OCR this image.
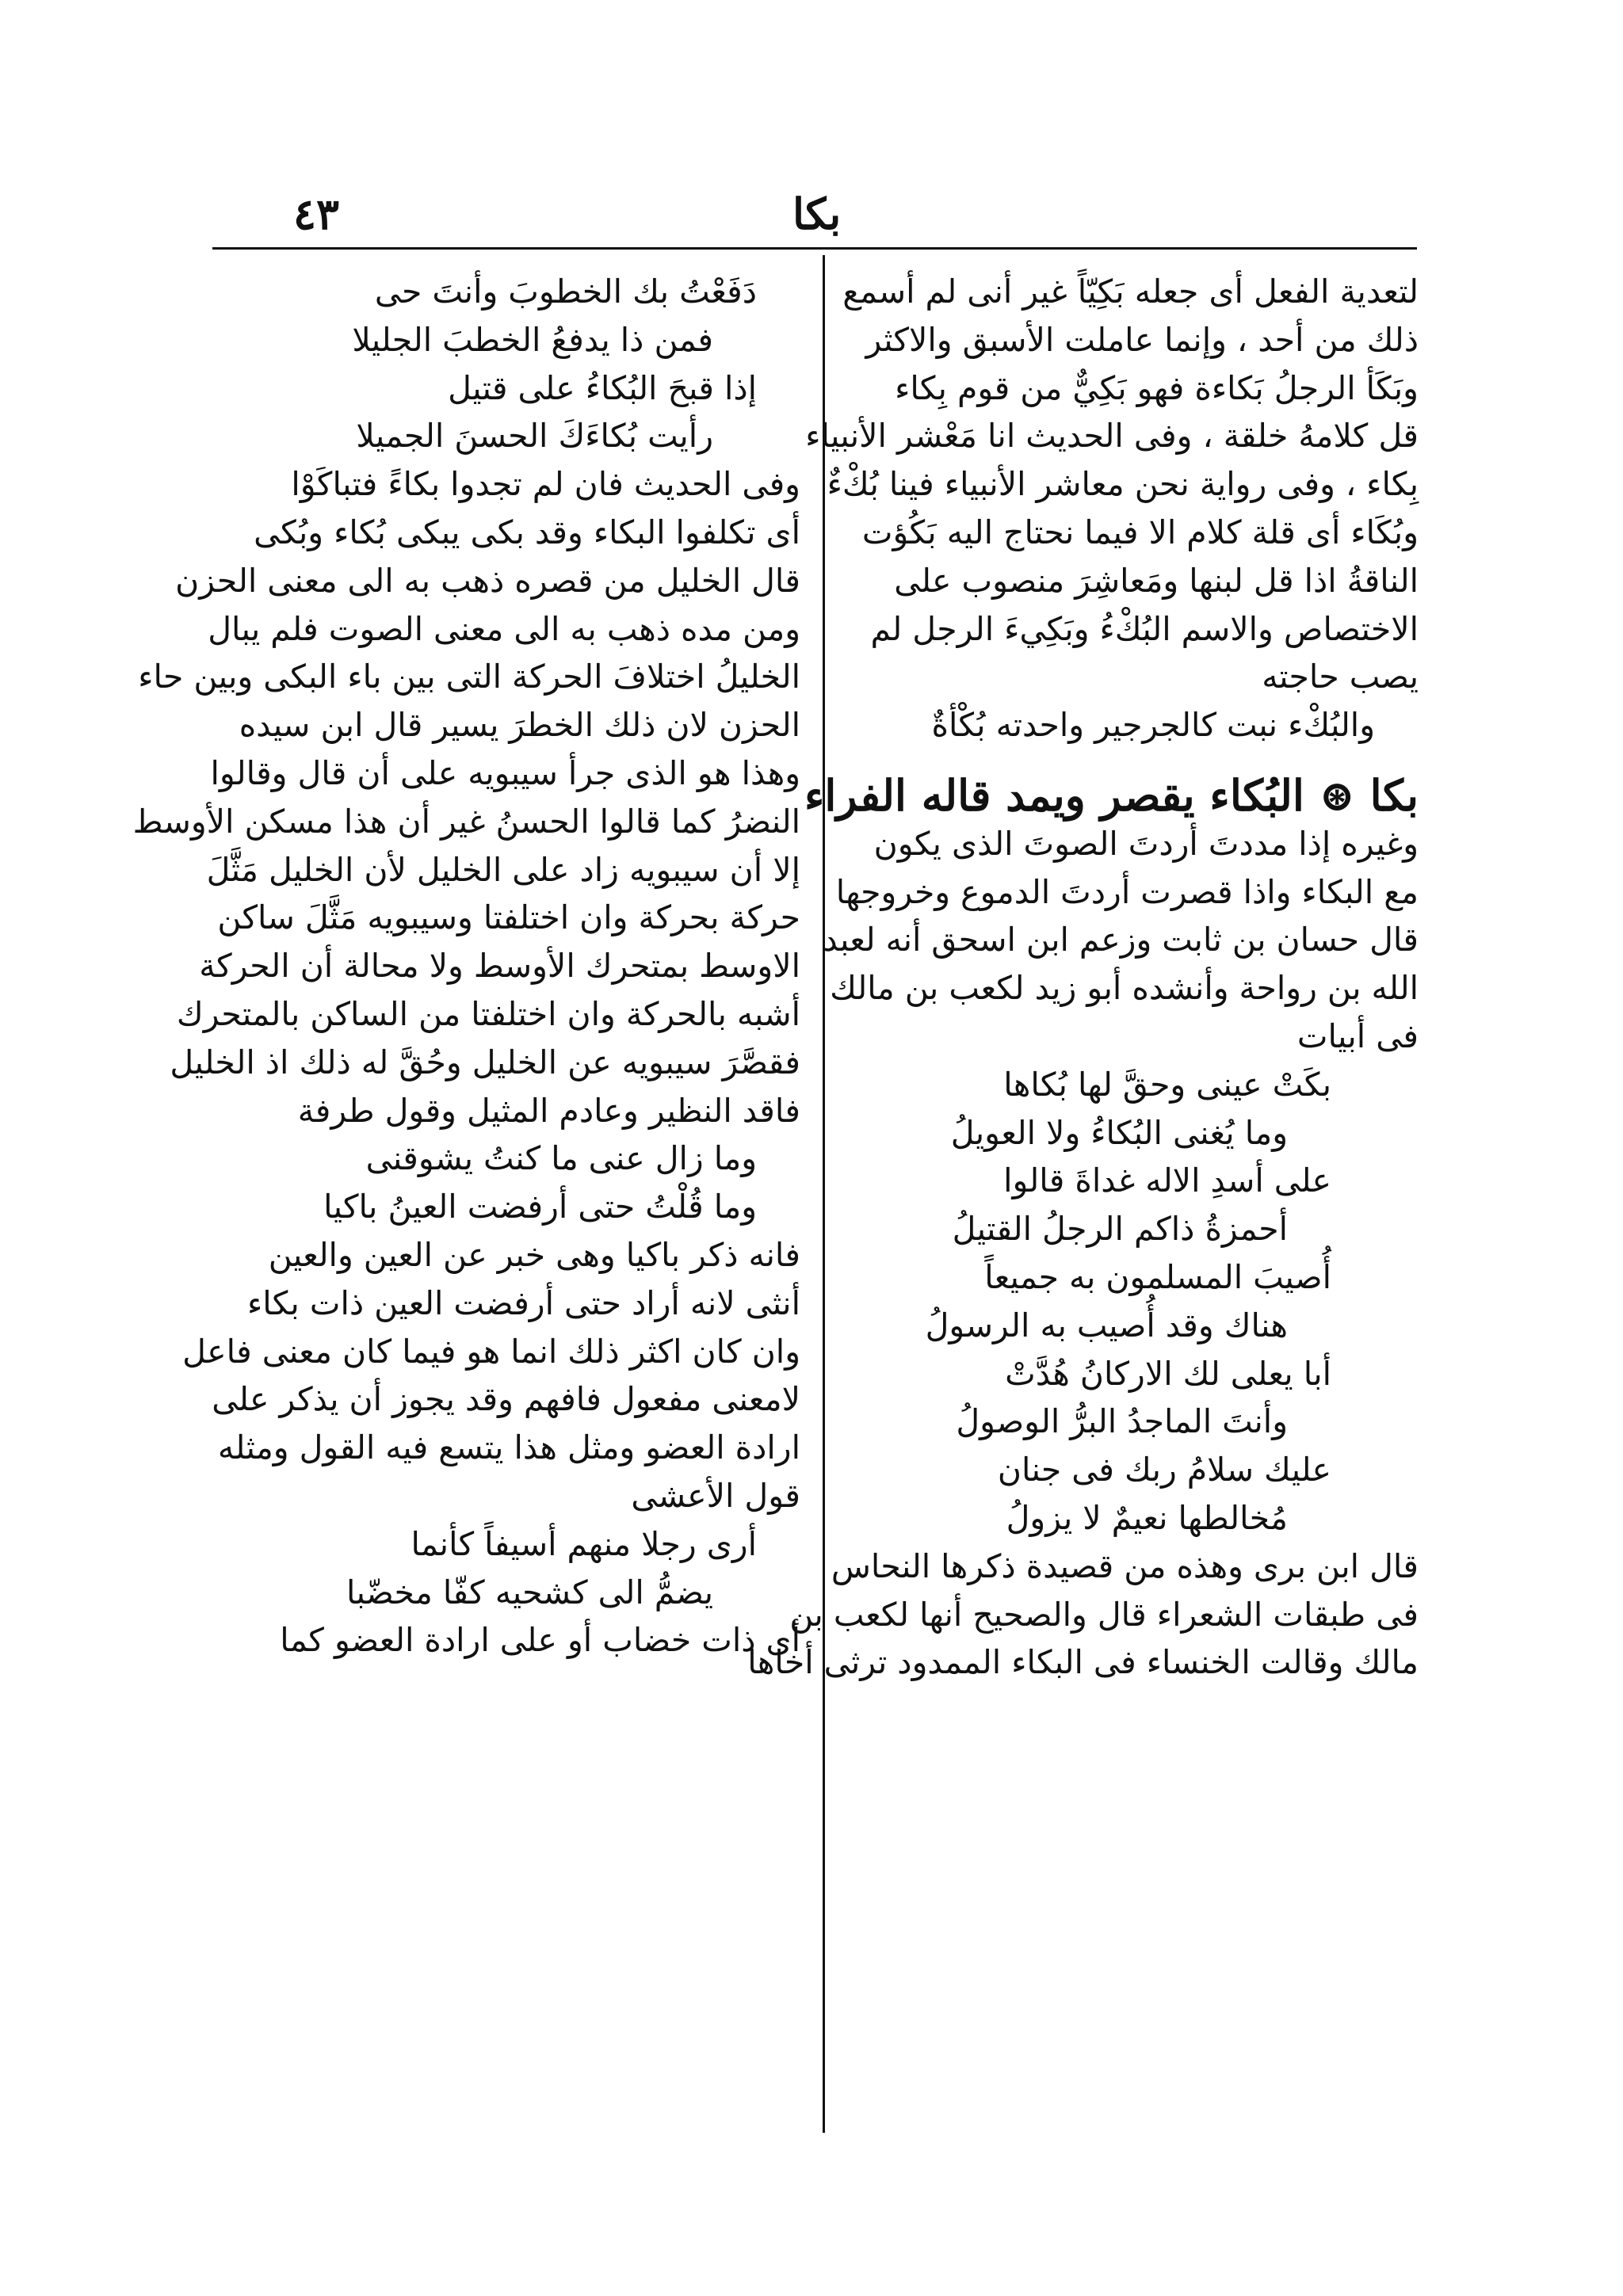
٤٣	بكا
لتعدية الفعل أى جعله بَكِيّاً غير أنى لم أسمع
ذلك من أحد ، وإنما عاملت الأسبق والاكثر
وبَكَأ الرجلُ بَكاءة فهو بَكِيٌّ من قوم بِكاء
قل كلامهُ خلقة ، وفى الحديث انا مَعْشر الأنبياء
بِكاء ، وفى رواية نحن معاشر الأنبياء فينا بُكْءٌ
وبُكَاء أى قلة كلام الا فيما نحتاج اليه بَكُؤت
الناقةُ اذا قل لبنها ومَعاشِرَ منصوب على
الاختصاص والاسم البُكْءُ وبَكِيءَ الرجل لم
يصب حاجته
والبُكْء نبت كالجرجير واحدته بُكْأةٌ
بكا ⊛ البُكاء يقصر ويمد قاله الفراء
وغيره إذا مددتَ أردتَ الصوتَ الذى يكون
مع البكاء واذا قصرت أردتَ الدموع وخروجها
قال حسان بن ثابت وزعم ابن اسحق أنه لعبد
الله بن رواحة وأنشده أبو زيد لكعب بن مالك
فى أبيات
بكَتْ عينى وحقَّ لها بُكاها
وما يُغنى البُكاءُ ولا العويلُ
على أسدِ الاله غداةَ قالوا
أحمزةُ ذاكم الرجلُ القتيلُ
أُصيبَ المسلمون به جميعاً
هناك وقد أُصيب به الرسولُ
أبا يعلى لك الاركانُ هُدَّتْ
وأنتَ الماجدُ البرُّ الوصولُ
عليك سلامُ ربك فى جنان
مُخالطها نعيمٌ لا يزولُ
قال ابن برى وهذه من قصيدة ذكرها النحاس
فى طبقات الشعراء قال والصحيح أنها لكعب بن
مالك وقالت الخنساء فى البكاء الممدود ترثى أخاها
دَفَعْتُ بك الخطوبَ وأنتَ حى
فمن ذا يدفعُ الخطبَ الجليلا
إذا قبحَ البُكاءُ على قتيل
رأيت بُكاءَكَ الحسنَ الجميلا
وفى الحديث فان لم تجدوا بكاءً فتباكَوْا
أى تكلفوا البكاء وقد بكى يبكى بُكاء وبُكى
قال الخليل من قصره ذهب به الى معنى الحزن
ومن مده ذهب به الى معنى الصوت فلم يبال
الخليلُ اختلافَ الحركة التى بين باء البكى وبين حاء
الحزن لان ذلك الخطرَ يسير قال ابن سيده
وهذا هو الذى جرأ سيبويه على أن قال وقالوا
النضرُ كما قالوا الحسنُ غير أن هذا مسكن الأوسط
إلا أن سيبويه زاد على الخليل لأن الخليل مَثَّلَ
حركة بحركة وان اختلفتا وسيبويه مَثَّلَ ساكن
الاوسط بمتحرك الأوسط ولا محالة أن الحركة
أشبه بالحركة وان اختلفتا من الساكن بالمتحرك
فقصَّرَ سيبويه عن الخليل وحُقَّ له ذلك اذ الخليل
فاقد النظير وعادم المثيل وقول طرفة
وما زال عنى ما كنتُ يشوقنى
وما قُلْتُ حتى أرفضت العينُ باكيا
فانه ذكر باكيا وهى خبر عن العين والعين
أنثى لانه أراد حتى أرفضت العين ذات بكاء
وان كان اكثر ذلك انما هو فيما كان معنى فاعل
لامعنى مفعول فافهم وقد يجوز أن يذكر على
ارادة العضو ومثل هذا يتسع فيه القول ومثله
قول الأعشى
أرى رجلا منهم أسيفاً كأنما
يضمُّ الى كشحيه كفّا مخضّبا
أى ذات خضاب أو على ارادة العضو كما
